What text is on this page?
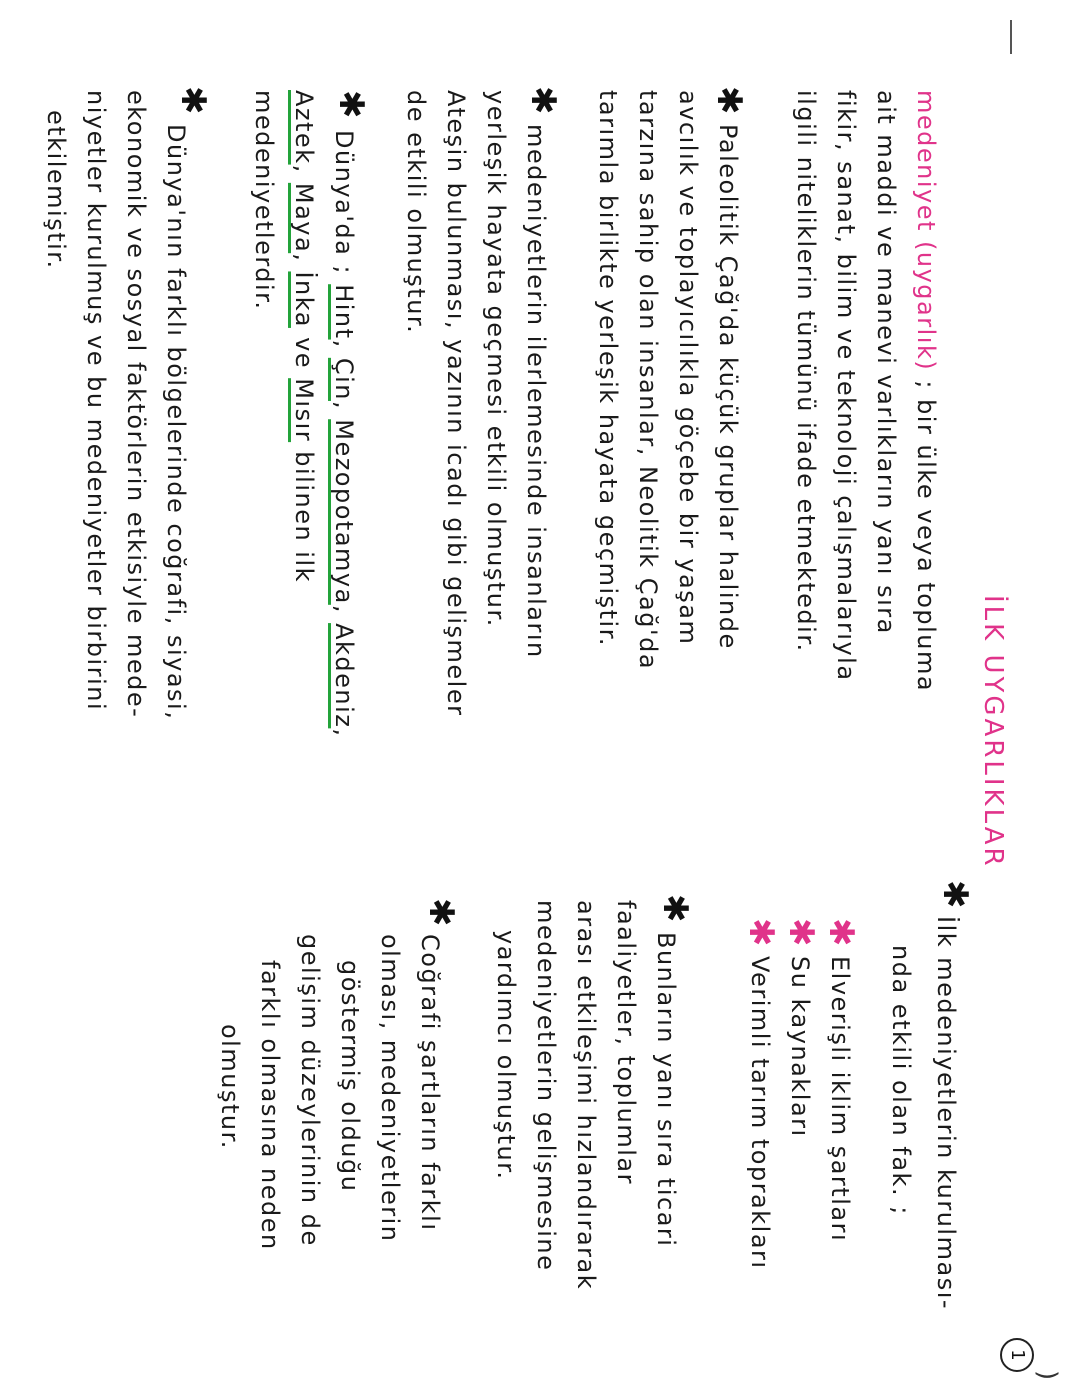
)
1
İLK UYGARLIKLAR
medeniyet (uygarlık) ; bir ülke veya topluma
ait maddi ve manevi varlıkların yanı sıra
fikir, sanat, bilim ve teknoloji çalışmalarıyla
ilgili niteliklerin tümünü ifade etmektedir.
✱
Paleolitik Çağ'da küçük gruplar halinde
avcılık ve toplayıcılıkla göçebe bir yaşam
tarzına sahip olan insanlar, Neolitik Çağ'da
tarımla birlikte yerleşik hayata geçmiştir.
✱
medeniyetlerin ilerlemesinde insanların
yerleşik hayata geçmesi etkili olmuştur.
Ateşin bulunması, yazının icadı gibi gelişmeler
de etkili olmuştur.
✱
Dünya'da ; Hint, Çin, Mezopotamya, Akdeniz,
Aztek, Maya, İnka ve Mısır bilinen ilk
medeniyetlerdir.
✱
Dünya'nın farklı bölgelerinde coğrafi, siyasi,
ekonomik ve sosyal faktörlerin etkisiyle mede-
niyetler kurulmuş ve bu medeniyetler birbirini
etkilemiştir.
✱
İlk medeniyetlerin kurulması-
nda etkili olan fak. ;
✱
Elverişli iklim şartları
✱
Su kaynakları
✱
Verimli tarım toprakları
✱
Bunların yanı sıra ticari
faaliyetler, toplumlar
arası etkileşimi hızlandırarak
medeniyetlerin gelişmesine
yardımcı olmuştur.
✱
Coğrafi şartların farklı
olması, medeniyetlerin
göstermiş olduğu
gelişim düzeylerinin de
farklı olmasına neden
olmuştur.
